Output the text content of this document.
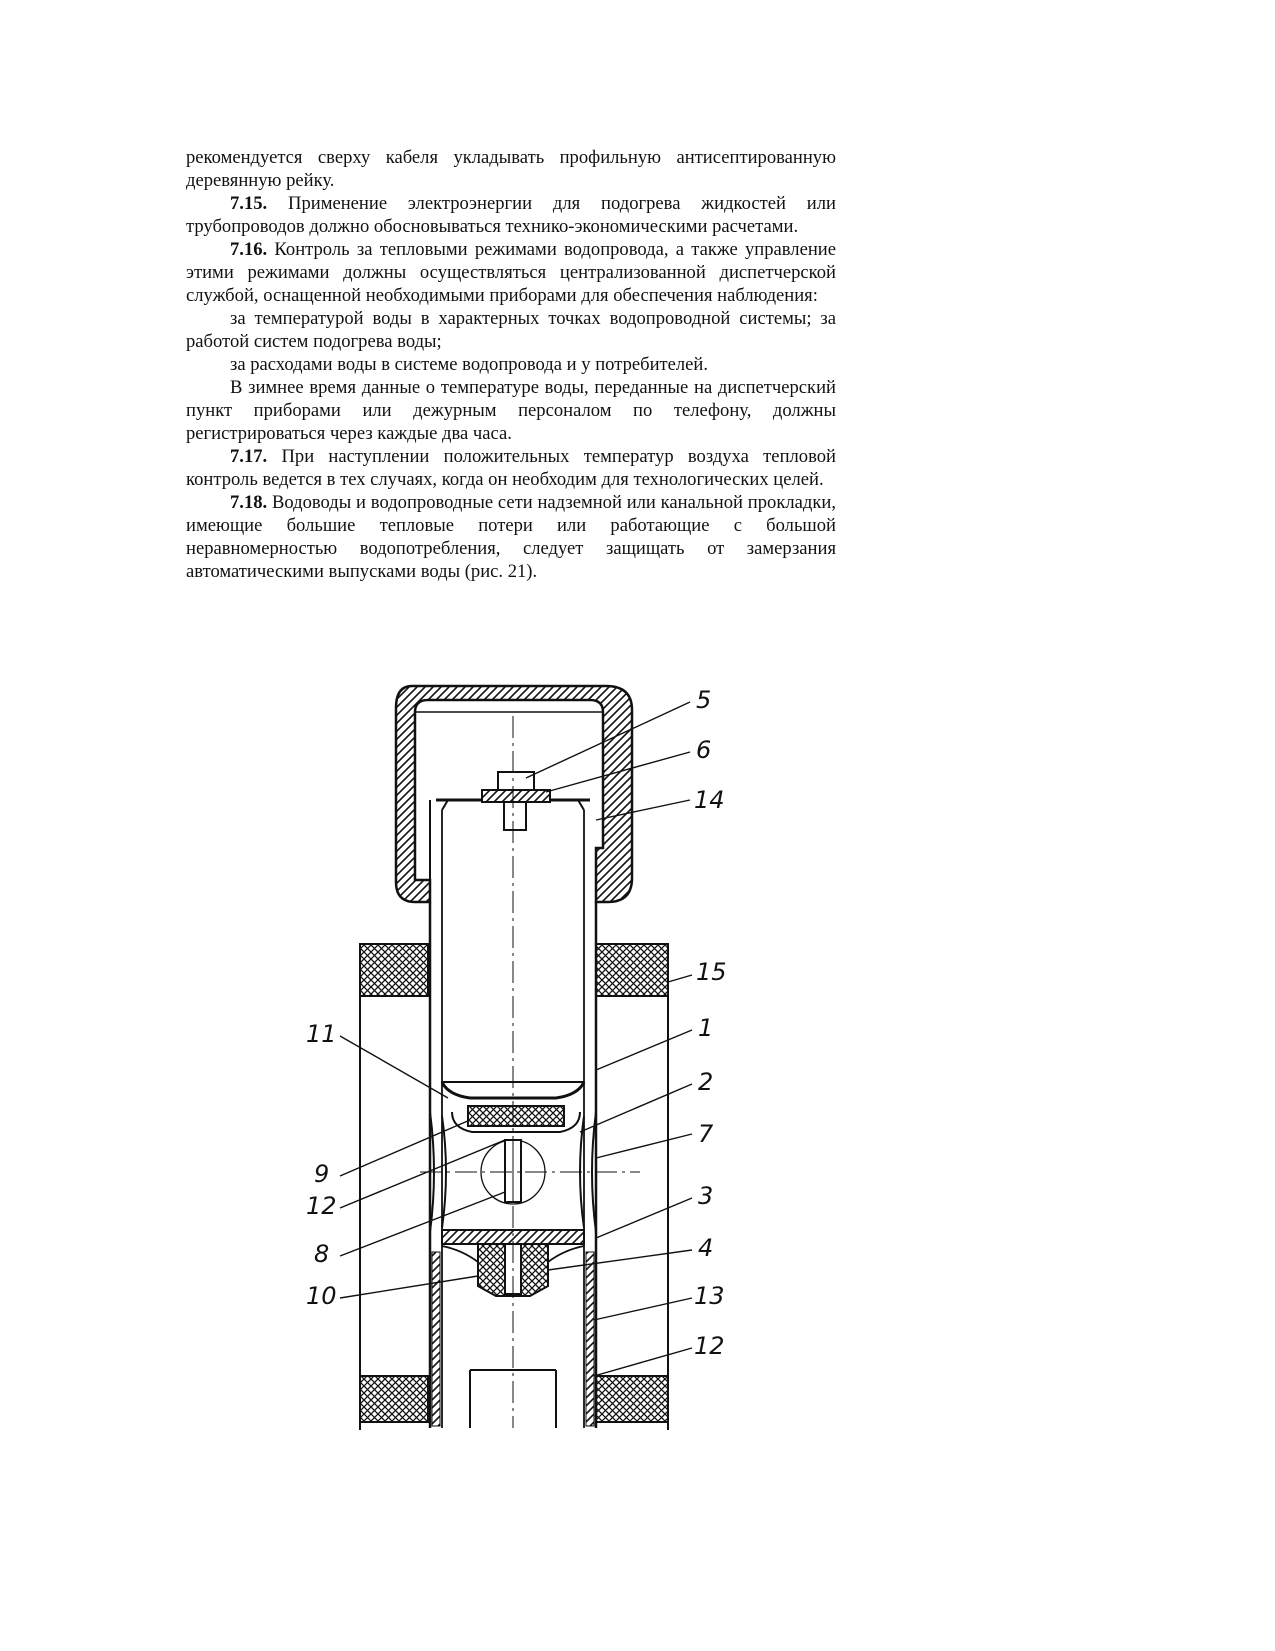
рекомендуется сверху кабеля укладывать профильную антисептированную деревянную рейку.

7.15. Применение электроэнергии для подогрева жидкостей или трубопроводов должно обосновываться технико-экономическими расчетами.

7.16. Контроль за тепловыми режимами водопровода, а также управление этими режимами должны осуществляться централизованной диспетчерской службой, оснащенной необходимыми приборами для обеспечения наблюдения:

за температурой воды в характерных точках водопроводной системы; за работой систем подогрева воды;

за расходами воды в системе водопровода и у потребителей.

В зимнее время данные о температуре воды, переданные на диспетчерский пункт приборами или дежурным персоналом по телефону, должны регистрироваться через каждые два часа.

7.17. При наступлении положительных температур воздуха тепловой контроль ведется в тех случаях, когда он необходим для технологических целей.

7.18. Водоводы и водопроводные сети надземной или канальной прокладки, имеющие большие тепловые потери или работающие с большой неравномерностью водопотребления, следует защищать от замерзания автоматическими выпусками воды (рис. 21).

5
6
14
15
1
2
7
3
4
13
12
11
9
12
8
10
